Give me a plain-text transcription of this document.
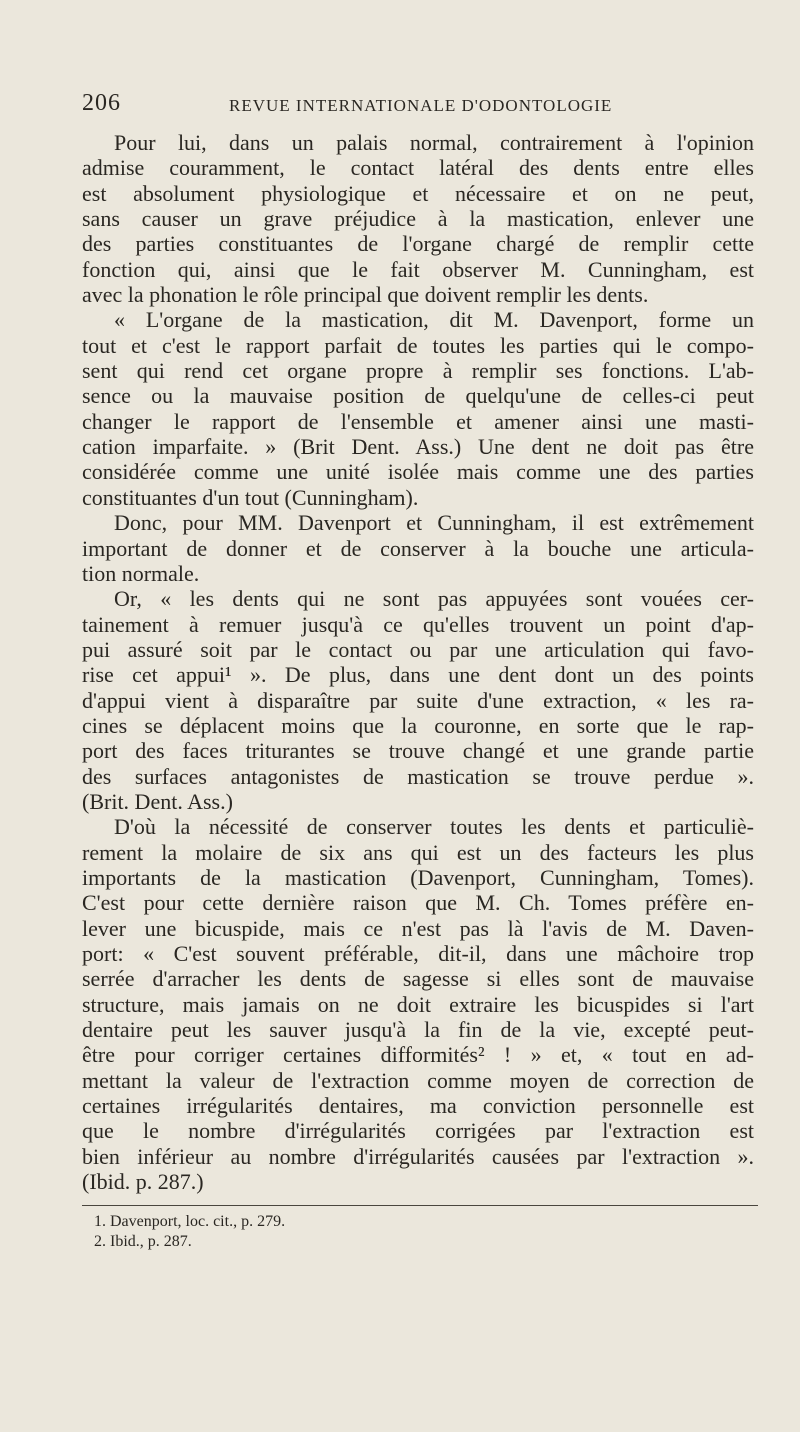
206	REVUE INTERNATIONALE D'ODONTOLOGIE
Pour lui, dans un palais normal, contrairement à l'opinion
admise couramment, le contact latéral des dents entre elles
est absolument physiologique et nécessaire et on ne peut,
sans causer un grave préjudice à la mastication, enlever une
des parties constituantes de l'organe chargé de remplir cette
fonction qui, ainsi que le fait observer M. Cunningham, est
avec la phonation le rôle principal que doivent remplir les dents.
« L'organe de la mastication, dit M. Davenport, forme un
tout et c'est le rapport parfait de toutes les parties qui le compo-
sent qui rend cet organe propre à remplir ses fonctions. L'ab-
sence ou la mauvaise position de quelqu'une de celles-ci peut
changer le rapport de l'ensemble et amener ainsi une masti-
cation imparfaite. » (Brit Dent. Ass.) Une dent ne doit pas être
considérée comme une unité isolée mais comme une des parties
constituantes d'un tout (Cunningham).
Donc, pour MM. Davenport et Cunningham, il est extrêmement
important de donner et de conserver à la bouche une articula-
tion normale.
Or, « les dents qui ne sont pas appuyées sont vouées cer-
tainement à remuer jusqu'à ce qu'elles trouvent un point d'ap-
pui assuré soit par le contact ou par une articulation qui favo-
rise cet appui¹ ». De plus, dans une dent dont un des points
d'appui vient à disparaître par suite d'une extraction, « les ra-
cines se déplacent moins que la couronne, en sorte que le rap-
port des faces triturantes se trouve changé et une grande partie
des surfaces antagonistes de mastication se trouve perdue ».
(Brit. Dent. Ass.)
D'où la nécessité de conserver toutes les dents et particuliè-
rement la molaire de six ans qui est un des facteurs les plus
importants de la mastication (Davenport, Cunningham, Tomes).
C'est pour cette dernière raison que M. Ch. Tomes préfère en-
lever une bicuspide, mais ce n'est pas là l'avis de M. Daven-
port: « C'est souvent préférable, dit-il, dans une mâchoire trop
serrée d'arracher les dents de sagesse si elles sont de mauvaise
structure, mais jamais on ne doit extraire les bicuspides si l'art
dentaire peut les sauver jusqu'à la fin de la vie, excepté peut-
être pour corriger certaines difformités² ! » et, « tout en ad-
mettant la valeur de l'extraction comme moyen de correction de
certaines irrégularités dentaires, ma conviction personnelle est
que le nombre d'irrégularités corrigées par l'extraction est
bien inférieur au nombre d'irrégularités causées par l'extraction ».
(Ibid. p. 287.)
1. Davenport, loc. cit., p. 279.
2. Ibid., p. 287.
